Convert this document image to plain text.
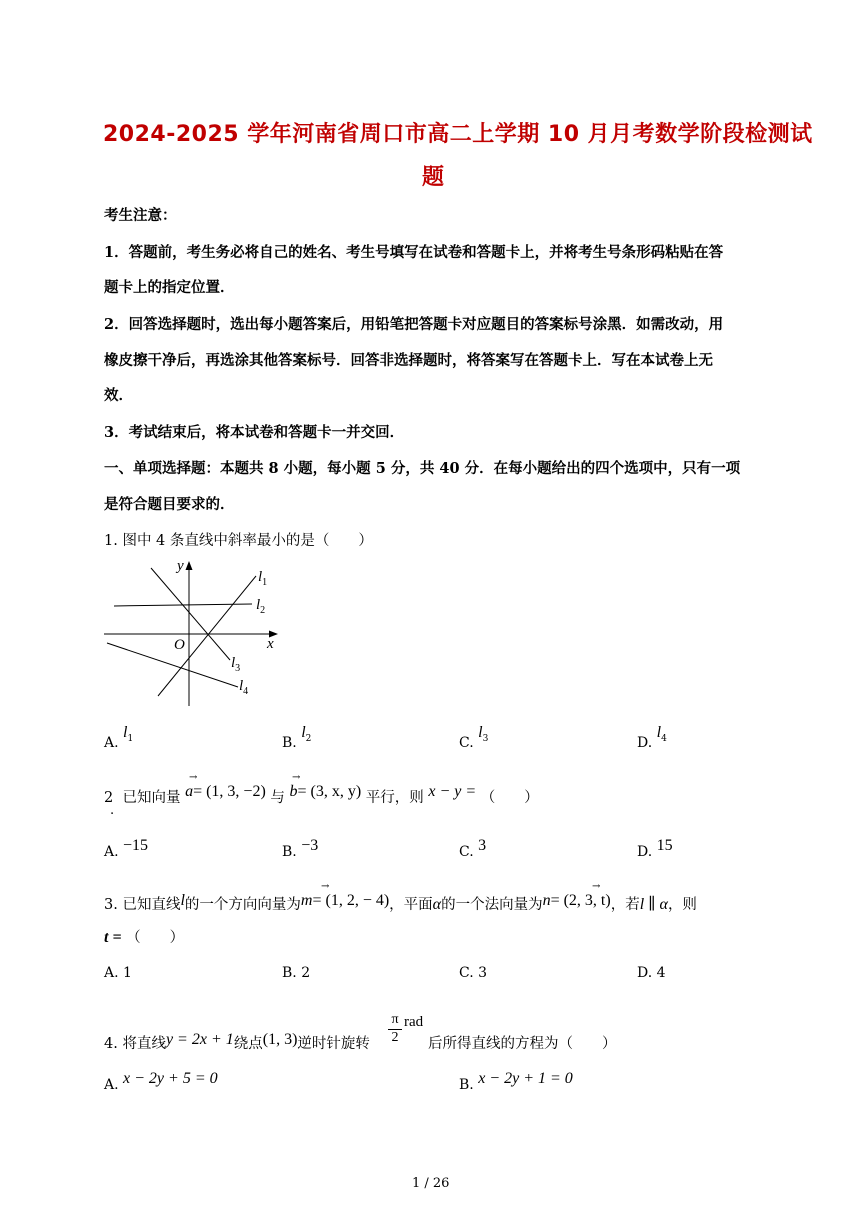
2024-2025 学年河南省周口市高二上学期 10 月月考数学阶段检测试
题
考生注意：
1．答题前，考生务必将自己的姓名、考生号填写在试卷和答题卡上，并将考生号条形码粘贴在答
题卡上的指定位置．
2．回答选择题时，选出每小题答案后，用铅笔把答题卡对应题目的答案标号涂黑．如需改动，用
橡皮擦干净后，再选涂其他答案标号．回答非选择题时，将答案写在答题卡上．写在本试卷上无
效．
3．考试结束后，将本试卷和答题卡一并交回．
一、单项选择题：本题共 8 小题，每小题 5 分，共 40 分．在每小题给出的四个选项中，只有一项
是符合题目要求的．
1. 图中 4 条直线中斜率最小的是（　　）
y
x
O
$l_1$
$l_2$
$l_3$
$l_4$
A. $l^1$	B. $l^2$	C. $l^3$	D. $l^4$
2 已知向量 a= (1, 3, −2) 与 b= (3, x, y) 平行，则 x − y = （　　）
→	→
.
A. −15	B. −3	C. 3	D. 15
3. 已知直线l的一个方向向量为m= (1, 2, − 4)，平面α的一个法向量为n= (2, 3, t)，若l ∥ α，则
→	→
t = （　　）
A. 1	B. 2	C. 3	D. 4
4. 将直线y = 2x + 1绕点(1, 3)逆时针旋转
π
2
rad
后所得直线的方程为（　　）
A. x − 2y + 5 = 0	B. x − 2y + 1 = 0
1 / 26
